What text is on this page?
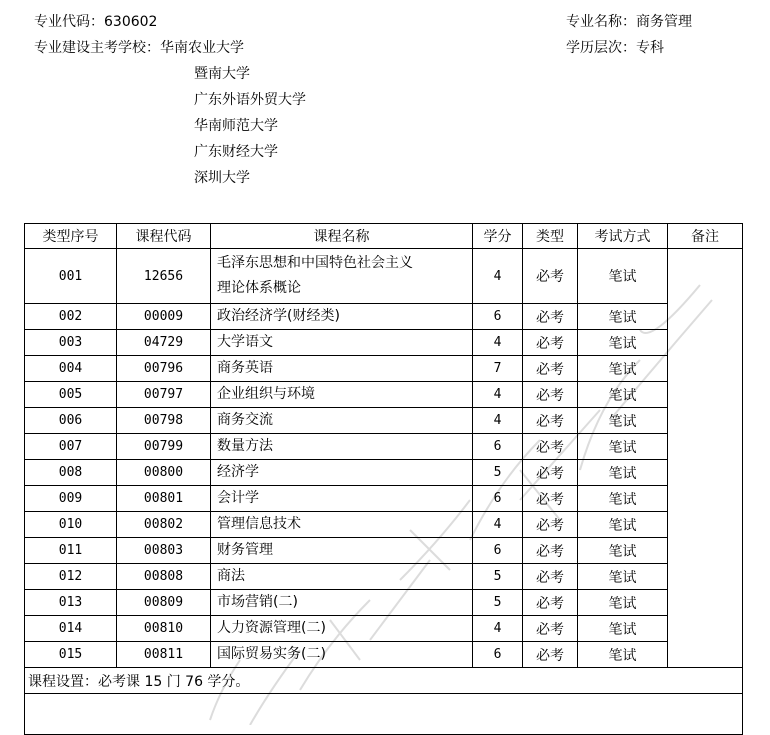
专业代码：630602
专业建设主考学校：华南农业大学
暨南大学
广东外语外贸大学
华南师范大学
广东财经大学
深圳大学
专业名称：商务管理
学历层次：专科
类型序号	课程代码	课程名称	学分	类型	考试方式	备注
001	12656	毛泽东思想和中国特色社会主义
理论体系概论	4	必考	笔试	
002	00009	政治经济学(财经类)	6	必考	笔试	
003	04729	大学语文	4	必考	笔试	
004	00796	商务英语	7	必考	笔试	
005	00797	企业组织与环境	4	必考	笔试	
006	00798	商务交流	4	必考	笔试	
007	00799	数量方法	6	必考	笔试	
008	00800	经济学	5	必考	笔试	
009	00801	会计学	6	必考	笔试	
010	00802	管理信息技术	4	必考	笔试	
011	00803	财务管理	6	必考	笔试	
012	00808	商法	5	必考	笔试	
013	00809	市场营销(二)	5	必考	笔试	
014	00810	人力资源管理(二)	4	必考	笔试	
015	00811	国际贸易实务(二)	6	必考	笔试	
课程设置：必考课 15 门 76 学分。						
